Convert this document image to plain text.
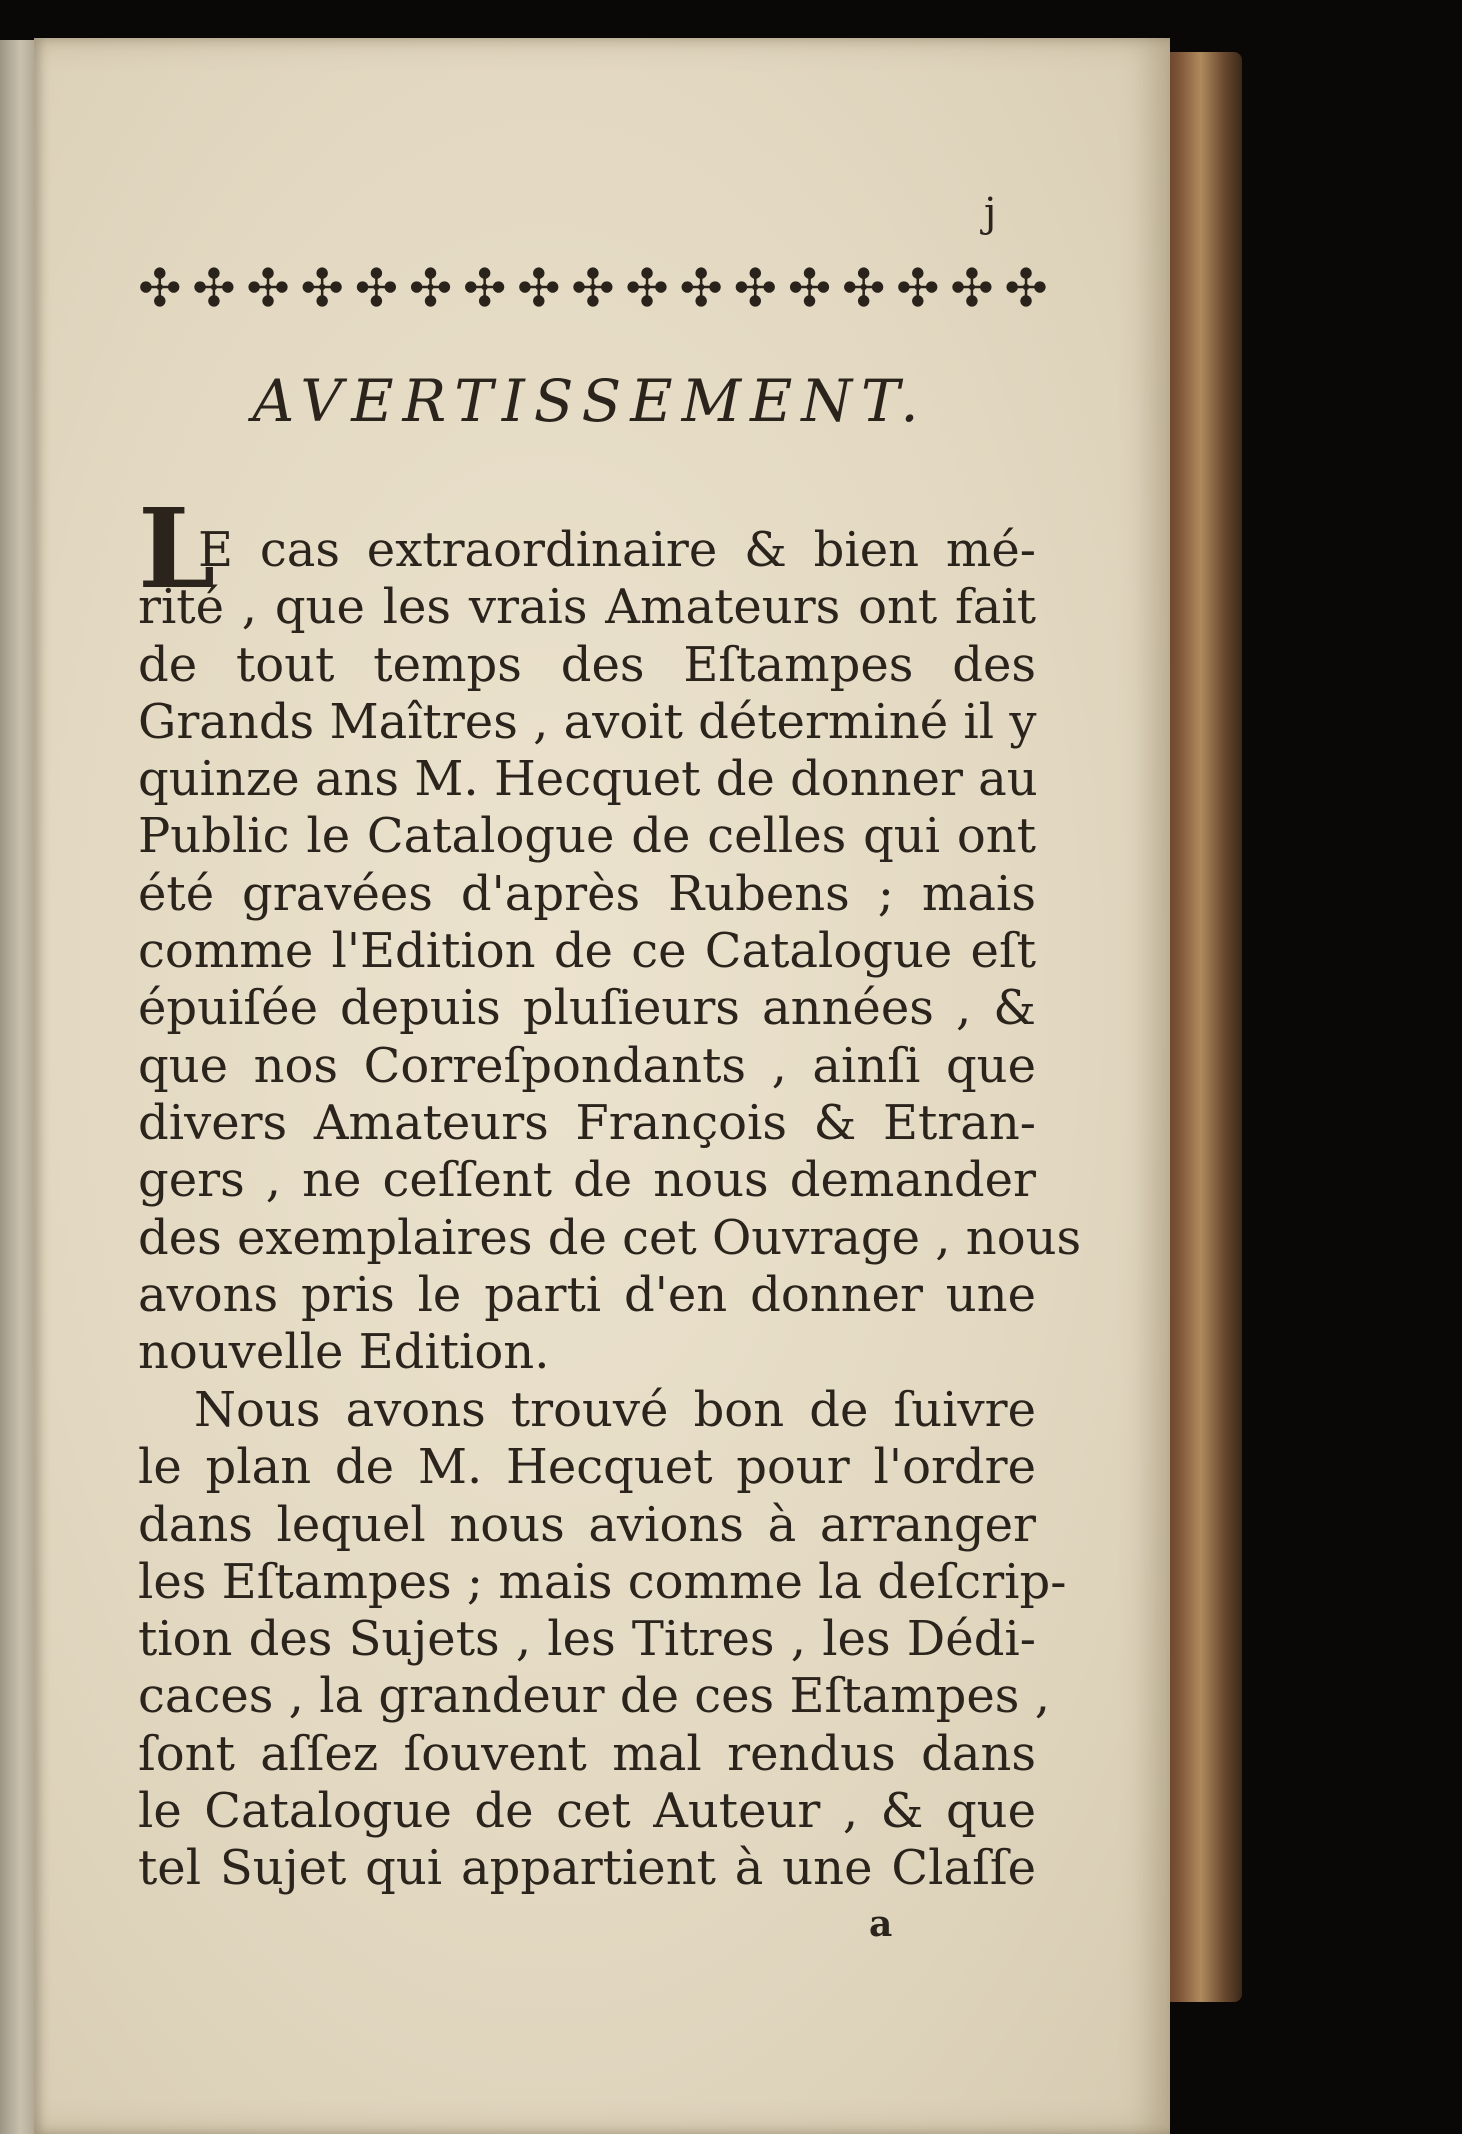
j
✣ ✣ ✣ ✣ ✣ ✣ ✣ ✣ ✣ ✣ ✣ ✣ ✣ ✣ ✣ ✣ ✣
AVERTISSEMENT.
L
E cas extraordinaire & bien mé-
rité , que les vrais Amateurs ont fait
de tout temps des Eſtampes des
Grands Maîtres , avoit déterminé il y
quinze ans M. Hecquet de donner au
Public le Catalogue de celles qui ont
été gravées d'après Rubens ; mais
comme l'Edition de ce Catalogue eſt
épuiſée depuis pluſieurs années , &
que nos Correſpondants , ainſi que
divers Amateurs François & Etran-
gers , ne ceſſent de nous demander
des exemplaires de cet Ouvrage , nous
avons pris le parti d'en donner une
nouvelle Edition.
Nous avons trouvé bon de ſuivre
le plan de M. Hecquet pour l'ordre
dans lequel nous avions à arranger
les Eſtampes ; mais comme la deſcrip-
tion des Sujets , les Titres , les Dédi-
caces , la grandeur de ces Eſtampes ,
ſont aſſez ſouvent mal rendus dans
le Catalogue de cet Auteur , & que
tel Sujet qui appartient à une Claſſe
a
